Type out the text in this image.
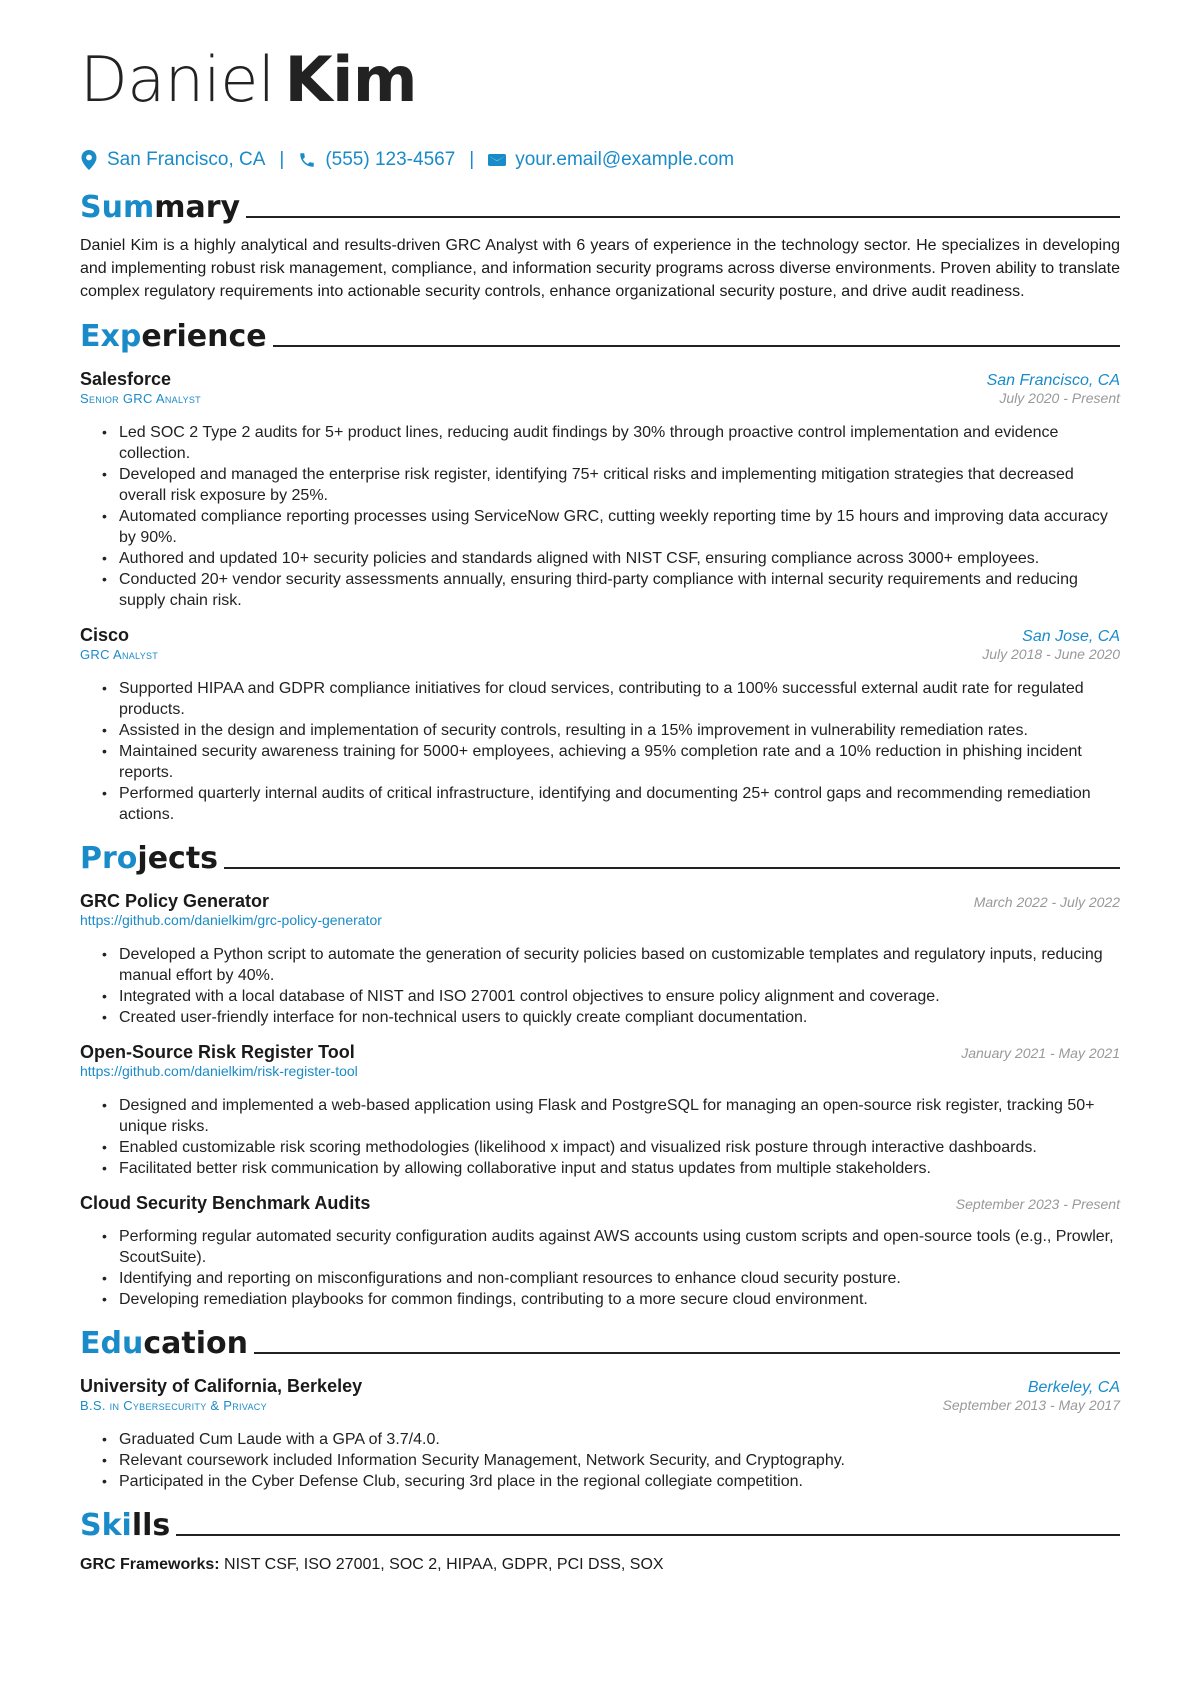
Daniel Kim
San Francisco, CA | (555) 123-4567 | your.email@example.com
Summary

Daniel Kim is a highly analytical and results-driven GRC Analyst with 6 years of experience in the technology sector. He specializes in developing and implementing robust risk management, compliance, and information security programs across diverse environments. Proven ability to translate complex regulatory requirements into actionable security controls, enhance organizational security posture, and drive audit readiness.

Experience
Salesforce	San Francisco, CA
Senior GRC Analyst	July 2020 - Present
• Led SOC 2 Type 2 audits for 5+ product lines, reducing audit findings by 30% through proactive control implementation and evidence collection.
• Developed and managed the enterprise risk register, identifying 75+ critical risks and implementing mitigation strategies that decreased overall risk exposure by 25%.
• Automated compliance reporting processes using ServiceNow GRC, cutting weekly reporting time by 15 hours and improving data accuracy by 90%.
• Authored and updated 10+ security policies and standards aligned with NIST CSF, ensuring compliance across 3000+ employees.
• Conducted 20+ vendor security assessments annually, ensuring third-party compliance with internal security requirements and reducing supply chain risk.
Cisco	San Jose, CA
GRC Analyst	July 2018 - June 2020
• Supported HIPAA and GDPR compliance initiatives for cloud services, contributing to a 100% successful external audit rate for regulated products.
• Assisted in the design and implementation of security controls, resulting in a 15% improvement in vulnerability remediation rates.
• Maintained security awareness training for 5000+ employees, achieving a 95% completion rate and a 10% reduction in phishing incident reports.
• Performed quarterly internal audits of critical infrastructure, identifying and documenting 25+ control gaps and recommending remediation actions.
Projects
GRC Policy Generator	March 2022 - July 2022
https://github.com/danielkim/grc-policy-generator
• Developed a Python script to automate the generation of security policies based on customizable templates and regulatory inputs, reducing manual effort by 40%.
• Integrated with a local database of NIST and ISO 27001 control objectives to ensure policy alignment and coverage.
• Created user-friendly interface for non-technical users to quickly create compliant documentation.
Open-Source Risk Register Tool	January 2021 - May 2021
https://github.com/danielkim/risk-register-tool
• Designed and implemented a web-based application using Flask and PostgreSQL for managing an open-source risk register, tracking 50+ unique risks.
• Enabled customizable risk scoring methodologies (likelihood x impact) and visualized risk posture through interactive dashboards.
• Facilitated better risk communication by allowing collaborative input and status updates from multiple stakeholders.
Cloud Security Benchmark Audits	September 2023 - Present
• Performing regular automated security configuration audits against AWS accounts using custom scripts and open-source tools (e.g., Prowler, ScoutSuite).
• Identifying and reporting on misconfigurations and non-compliant resources to enhance cloud security posture.
• Developing remediation playbooks for common findings, contributing to a more secure cloud environment.
Education
University of California, Berkeley	Berkeley, CA
B.S. in Cybersecurity & Privacy	September 2013 - May 2017
• Graduated Cum Laude with a GPA of 3.7/4.0.
• Relevant coursework included Information Security Management, Network Security, and Cryptography.
• Participated in the Cyber Defense Club, securing 3rd place in the regional collegiate competition.
Skills
GRC Frameworks: NIST CSF, ISO 27001, SOC 2, HIPAA, GDPR, PCI DSS, SOX
